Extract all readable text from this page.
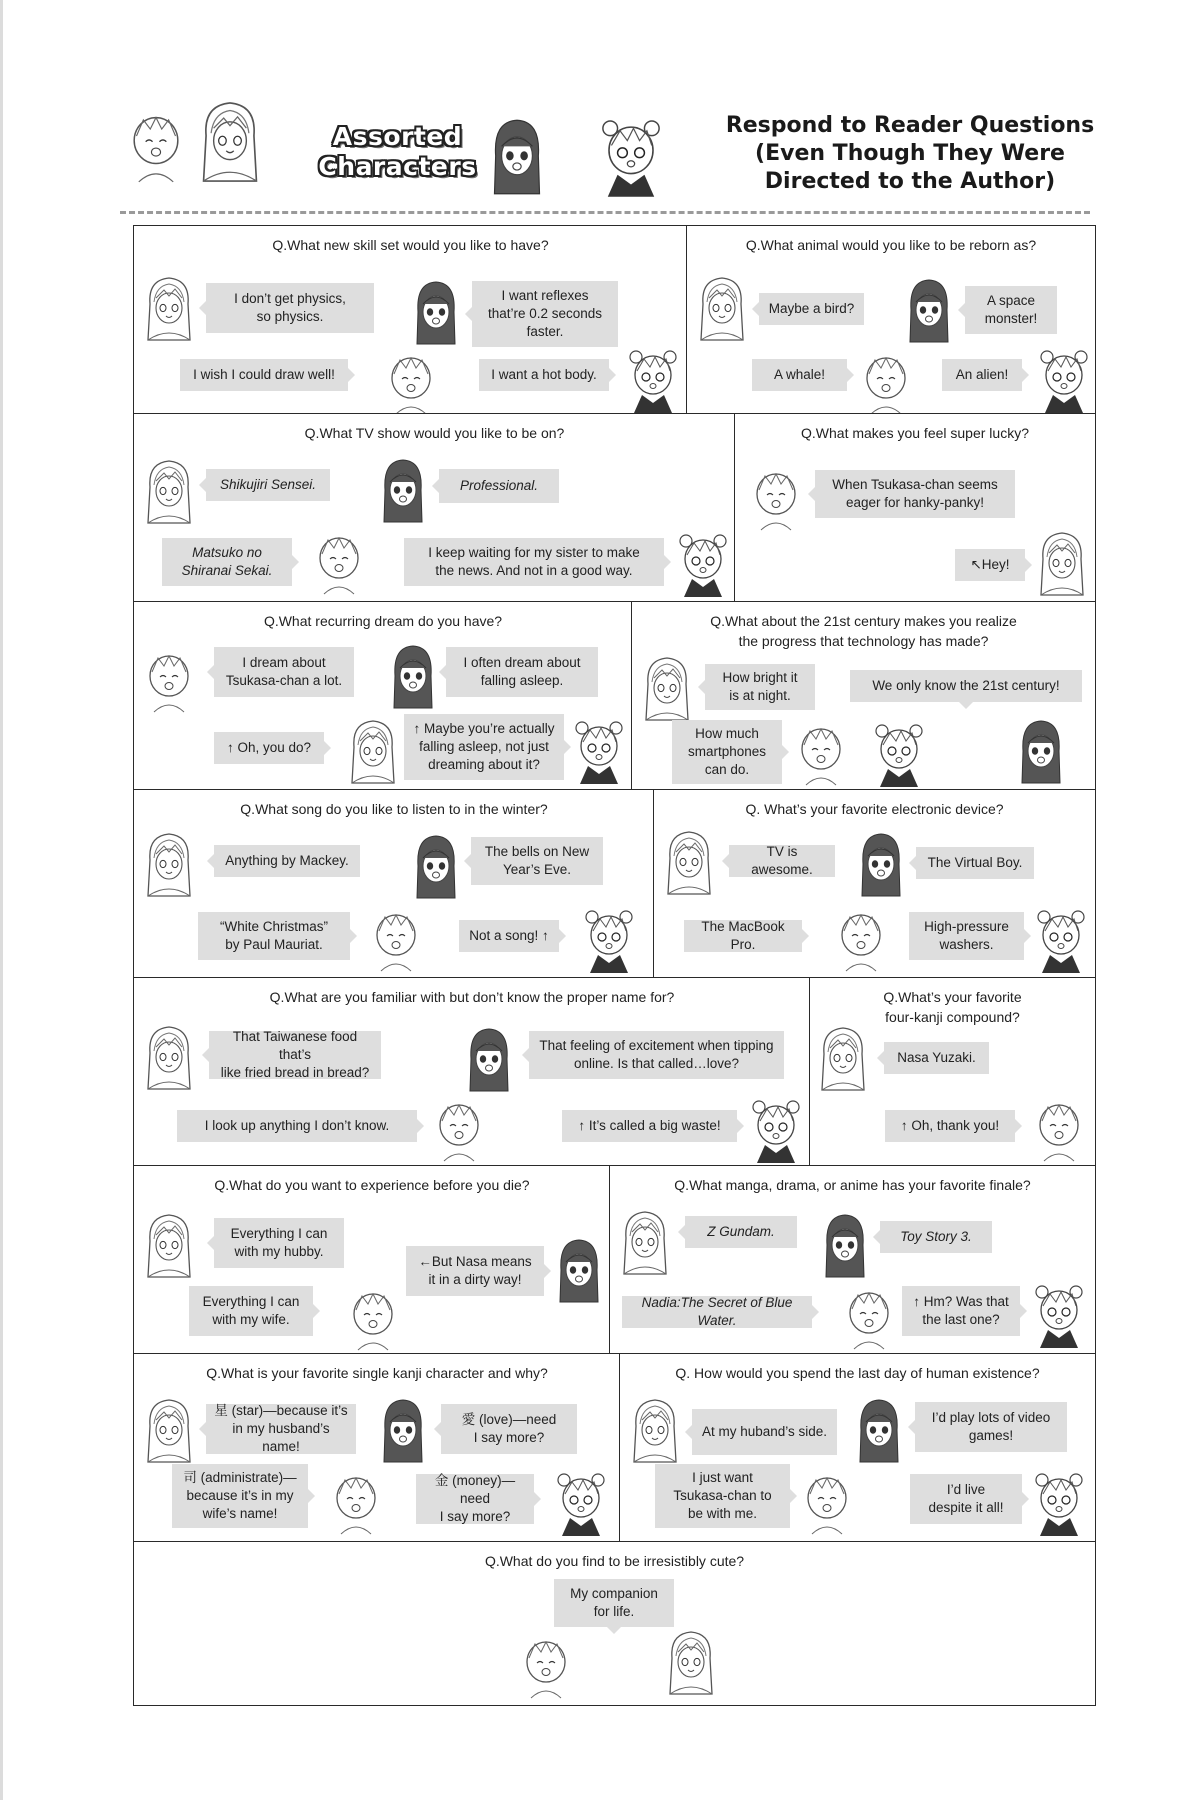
Assorted
Characters
Respond to Reader Questions
(Even Though They Were
Directed to the Author)
Q.What new skill set would you like to have?
I don’t get physics,
so physics.
I want reflexes
that’re 0.2 seconds
faster.
I wish I could draw well!	I want a hot body.
Q.What animal would you like to be reborn as?
Maybe a bird?
A space
monster!
A whale!	An alien!
Q.What TV show would you like to be on?
Shikujiri Sensei.	Professional.
Matsuko no
Shiranai Sekai.
I keep waiting for my sister to make
the news. And not in a good way.
Q.What makes you feel super lucky?
When Tsukasa-chan seems
eager for hanky-panky!
↖Hey!
Q.What recurring dream do you have?
I dream about
Tsukasa-chan a lot.
I often dream about
falling asleep.
↑ Oh, you do?
↑ Maybe you’re actually
falling asleep, not just
dreaming about it?
Q.What about the 21st century makes you realize
the progress that technology has made?
How bright it
is at night.
We only know the 21st century!
How much
smartphones
can do.
Q.What song do you like to listen to in the winter?
Anything by Mackey.
The bells on New
Year’s Eve.
“White Christmas”
by Paul Mauriat.
Not a song! ↑
Q. What’s your favorite electronic device?
TV is awesome.	The Virtual Boy.
The MacBook Pro.
High-pressure
washers.
Q.What are you familiar with but don’t know the proper name for?
That Taiwanese food that’s
like fried bread in bread?
That feeling of excitement when tipping
online. Is that called…love?
I look up anything I don’t know.	↑ It’s called a big waste!
Q.What’s your favorite
four-kanji compound?
Nasa Yuzaki.
↑ Oh, thank you!
Q.What do you want to experience before you die?
Everything I can
with my hubby.
←But Nasa means
it in a dirty way!
Everything I can
with my wife.
Q.What manga, drama, or anime has your favorite finale?
Z Gundam.	Toy Story 3.
Nadia:The Secret of Blue Water.
↑ Hm? Was that
the last one?
Q.What is your favorite single kanji character and why?
星 (star)—because it’s
in my husband’s name!
愛 (love)—need
I say more?
司 (administrate)—
because it’s in my
wife’s name!
金 (money)—need
I say more?
Q. How would you spend the last day of human existence?
At my huband’s side.
I’d play lots of video
games!
I just want
Tsukasa-chan to
be with me.
I’d live
despite it all!
Q.What do you find to be irresistibly cute?
My companion
for life.
